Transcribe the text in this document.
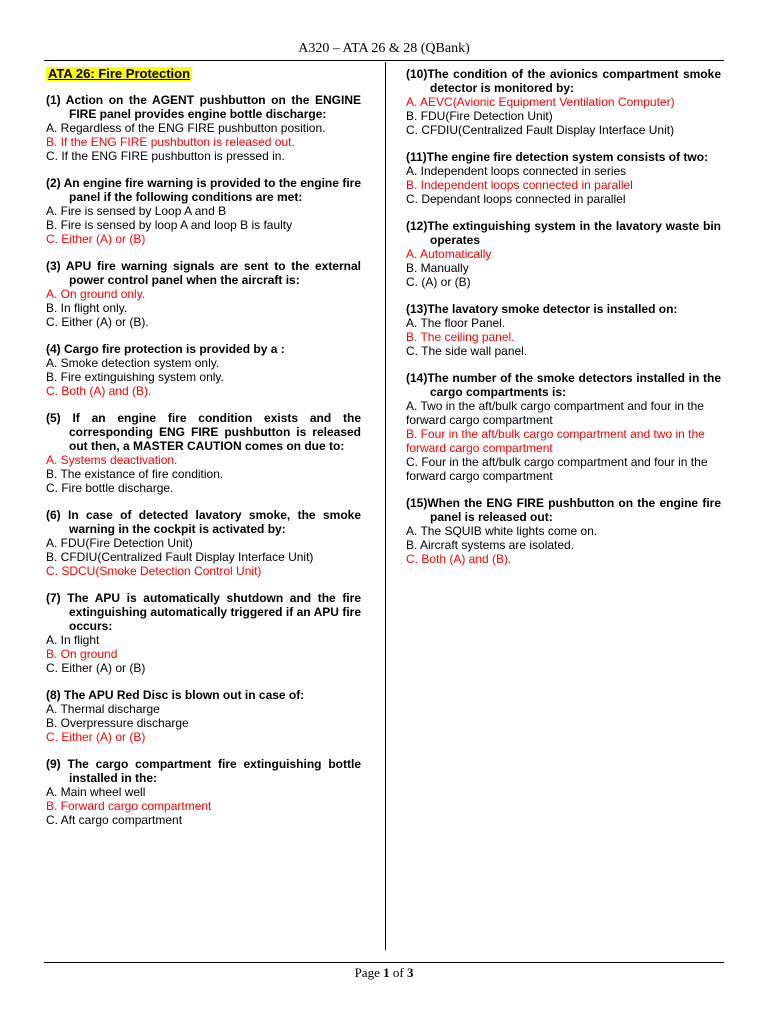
A320 – ATA 26 & 28 (QBank)
ATA 26: Fire Protection
(1) Action on the AGENT pushbutton on the ENGINE FIRE panel provides engine bottle discharge:
A. Regardless of the ENG FIRE pushbutton position.
B. If the ENG FIRE pushbutton is released out.
C. If the ENG FIRE pushbutton is pressed in.
(2) An engine fire warning is provided to the engine fire panel if the following conditions are met:
A. Fire is sensed by Loop A and B
B. Fire is sensed by loop A and loop B is faulty
C. Either (A) or (B)
(3) APU fire warning signals are sent to the external power control panel when the aircraft is:
A. On ground only.
B. In flight only.
C. Either (A) or (B).
(4) Cargo fire protection is provided by a :
A. Smoke detection system only.
B. Fire extinguishing system only.
C. Both (A) and (B).
(5) If an engine fire condition exists and the corresponding ENG FIRE pushbutton is released out then, a MASTER CAUTION comes on due to:
A. Systems deactivation.
B. The existance of fire condition.
C. Fire bottle discharge.
(6) In case of detected lavatory smoke, the smoke warning in the cockpit is activated by:
A. FDU(Fire Detection Unit)
B. CFDIU(Centralized Fault Display Interface Unit)
C. SDCU(Smoke Detection Control Unit)
(7) The APU is automatically shutdown and the fire extinguishing automatically triggered if an APU fire occurs:
A. In flight
B. On ground
C. Either (A) or (B)
(8) The APU Red Disc is blown out in case of:
A. Thermal discharge
B. Overpressure discharge
C. Either (A) or (B)
(9) The cargo compartment fire extinguishing bottle installed in the:
A. Main wheel well
B. Forward cargo compartment
C. Aft cargo compartment
(10)The condition of the avionics compartment smoke detector is monitored by:
A. AEVC(Avionic Equipment Ventilation Computer)
B. FDU(Fire Detection Unit)
C. CFDIU(Centralized Fault Display Interface Unit)
(11)The engine fire detection system consists of two:
A. Independent loops connected in series
B. Independent loops connected in parallel
C. Dependant loops connected in parallel
(12)The extinguishing system in the lavatory waste bin operates
A. Automatically
B. Manually
C. (A) or (B)
(13)The lavatory smoke detector is installed on:
A. The floor Panel.
B. The ceiling panel.
C. The side wall panel.
(14)The number of the smoke detectors installed in the cargo compartments is:
A. Two in the aft/bulk cargo compartment and four in the forward cargo compartment
B. Four in the aft/bulk cargo compartment and two in the forward cargo compartment
C. Four in the aft/bulk cargo compartment and four in the forward cargo compartment
(15)When the ENG FIRE pushbutton on the engine fire panel is released out:
A. The SQUIB white lights come on.
B. Aircraft systems are isolated.
C. Both (A) and (B).
Page 1 of 3
